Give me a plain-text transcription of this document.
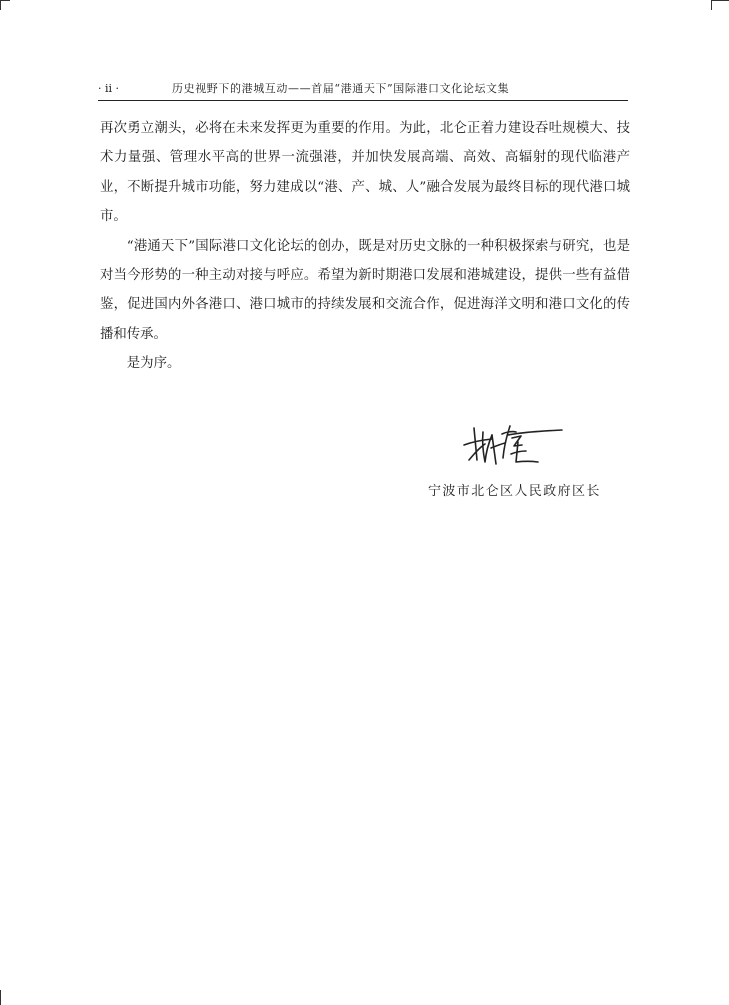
· ii ·	历史视野下的港城互动——首届“港通天下”国际港口文化论坛文集

再次勇立潮头，必将在未来发挥更为重要的作用。为此，北仑正着力建设吞吐规模大、技术力量强、管理水平高的世界一流强港，并加快发展高端、高效、高辐射的现代临港产业，不断提升城市功能，努力建成以“港、产、城、人”融合发展为最终目标的现代港口城市。

“港通天下”国际港口文化论坛的创办，既是对历史文脉的一种积极探索与研究，也是对当今形势的一种主动对接与呼应。希望为新时期港口发展和港城建设，提供一些有益借鉴，促进国内外各港口、港口城市的持续发展和交流合作，促进海洋文明和港口文化的传播和传承。

是为序。

宁波市北仑区人民政府区长
